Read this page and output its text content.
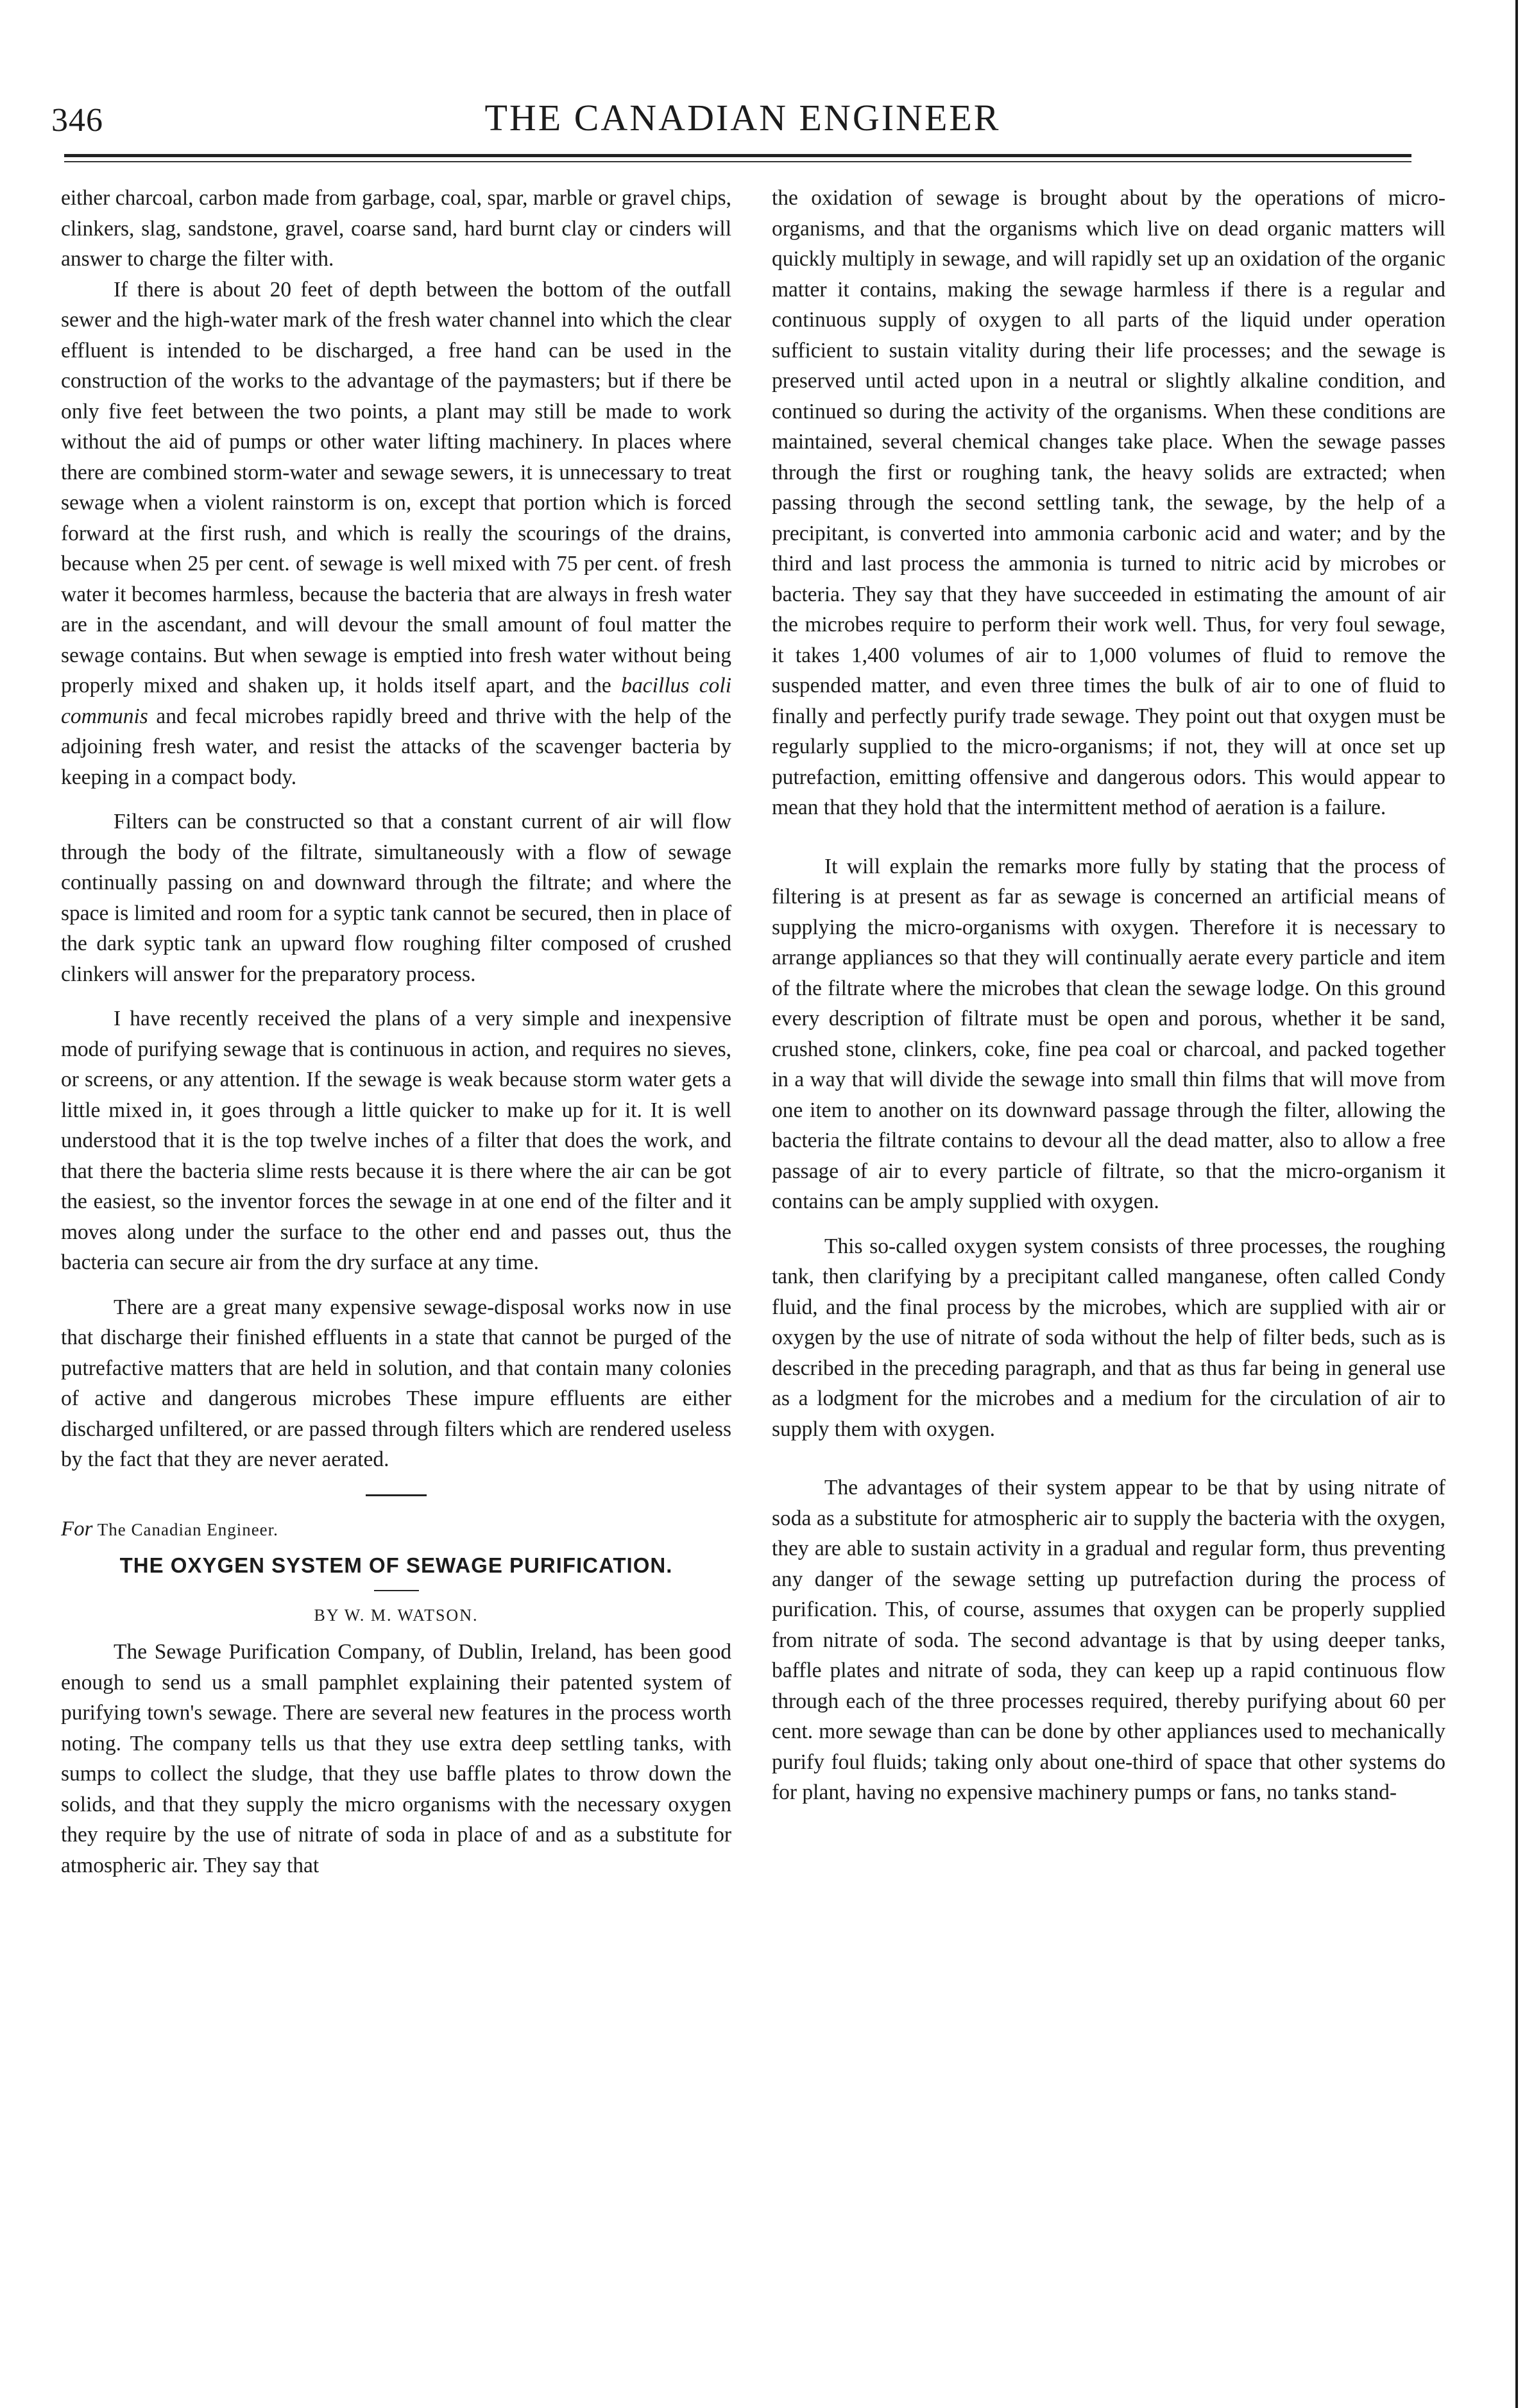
346	THE CANADIAN ENGINEER

either charcoal, carbon made from garbage, coal, spar, marble or gravel chips, clinkers, slag, sandstone, gravel, coarse sand, hard burnt clay or cinders will answer to charge the filter with.

If there is about 20 feet of depth between the bottom of the outfall sewer and the high-water mark of the fresh water channel into which the clear effluent is intended to be discharged, a free hand can be used in the construction of the works to the advantage of the paymasters; but if there be only five feet between the two points, a plant may still be made to work without the aid of pumps or other water lifting machinery. In places where there are combined storm-water and sewage sewers, it is unnecessary to treat sewage when a violent rainstorm is on, except that portion which is forced forward at the first rush, and which is really the scourings of the drains, because when 25 per cent. of sewage is well mixed with 75 per cent. of fresh water it becomes harmless, because the bacteria that are always in fresh water are in the ascendant, and will devour the small amount of foul matter the sewage contains. But when sewage is emptied into fresh water without being properly mixed and shaken up, it holds itself apart, and the bacillus coli communis and fecal microbes rapidly breed and thrive with the help of the adjoining fresh water, and resist the attacks of the scavenger bacteria by keeping in a compact body.

Filters can be constructed so that a constant current of air will flow through the body of the filtrate, simultaneously with a flow of sewage continually passing on and downward through the filtrate; and where the space is limited and room for a syptic tank cannot be secured, then in place of the dark syptic tank an upward flow roughing filter composed of crushed clinkers will answer for the preparatory process.

I have recently received the plans of a very simple and inexpensive mode of purifying sewage that is continuous in action, and requires no sieves, or screens, or any attention. If the sewage is weak because storm water gets a little mixed in, it goes through a little quicker to make up for it. It is well understood that it is the top twelve inches of a filter that does the work, and that there the bacteria slime rests because it is there where the air can be got the easiest, so the inventor forces the sewage in at one end of the filter and it moves along under the surface to the other end and passes out, thus the bacteria can secure air from the dry surface at any time.

There are a great many expensive sewage-disposal works now in use that discharge their finished effluents in a state that cannot be purged of the putrefactive matters that are held in solution, and that contain many colonies of active and dangerous microbes These impure effluents are either discharged unfiltered, or are passed through filters which are rendered useless by the fact that they are never aerated.

For The Canadian Engineer.

THE OXYGEN SYSTEM OF SEWAGE PURIFICATION.
BY W. M. WATSON.

The Sewage Purification Company, of Dublin, Ireland, has been good enough to send us a small pamphlet explaining their patented system of purifying town's sewage. There are several new features in the process worth noting. The company tells us that they use extra deep settling tanks, with sumps to collect the sludge, that they use baffle plates to throw down the solids, and that they supply the micro organisms with the necessary oxygen they require by the use of nitrate of soda in place of and as a substitute for atmospheric air. They say that

the oxidation of sewage is brought about by the operations of micro-organisms, and that the organisms which live on dead organic matters will quickly multiply in sewage, and will rapidly set up an oxidation of the organic matter it contains, making the sewage harmless if there is a regular and continuous supply of oxygen to all parts of the liquid under operation sufficient to sustain vitality during their life processes; and the sewage is preserved until acted upon in a neutral or slightly alkaline condition, and continued so during the activity of the organisms. When these conditions are maintained, several chemical changes take place. When the sewage passes through the first or roughing tank, the heavy solids are extracted; when passing through the second settling tank, the sewage, by the help of a precipitant, is converted into ammonia carbonic acid and water; and by the third and last process the ammonia is turned to nitric acid by microbes or bacteria. They say that they have succeeded in estimating the amount of air the microbes require to perform their work well. Thus, for very foul sewage, it takes 1,400 volumes of air to 1,000 volumes of fluid to remove the suspended matter, and even three times the bulk of air to one of fluid to finally and perfectly purify trade sewage. They point out that oxygen must be regularly supplied to the micro-organisms; if not, they will at once set up putrefaction, emitting offensive and dangerous odors. This would appear to mean that they hold that the intermittent method of aeration is a failure.

It will explain the remarks more fully by stating that the process of filtering is at present as far as sewage is concerned an artificial means of supplying the micro-organisms with oxygen. Therefore it is necessary to arrange appliances so that they will continually aerate every particle and item of the filtrate where the microbes that clean the sewage lodge. On this ground every description of filtrate must be open and porous, whether it be sand, crushed stone, clinkers, coke, fine pea coal or charcoal, and packed together in a way that will divide the sewage into small thin films that will move from one item to another on its downward passage through the filter, allowing the bacteria the filtrate contains to devour all the dead matter, also to allow a free passage of air to every particle of filtrate, so that the micro-organism it contains can be amply supplied with oxygen.

This so-called oxygen system consists of three processes, the roughing tank, then clarifying by a precipitant called manganese, often called Condy fluid, and the final process by the microbes, which are supplied with air or oxygen by the use of nitrate of soda without the help of filter beds, such as is described in the preceding paragraph, and that as thus far being in general use as a lodgment for the microbes and a medium for the circulation of air to supply them with oxygen.

The advantages of their system appear to be that by using nitrate of soda as a substitute for atmospheric air to supply the bacteria with the oxygen, they are able to sustain activity in a gradual and regular form, thus preventing any danger of the sewage setting up putrefaction during the process of purification. This, of course, assumes that oxygen can be properly supplied from nitrate of soda. The second advantage is that by using deeper tanks, baffle plates and nitrate of soda, they can keep up a rapid continuous flow through each of the three processes required, thereby purifying about 60 per cent. more sewage than can be done by other appliances used to mechanically purify foul fluids; taking only about one-third of space that other systems do for plant, having no expensive machinery pumps or fans, no tanks stand-
